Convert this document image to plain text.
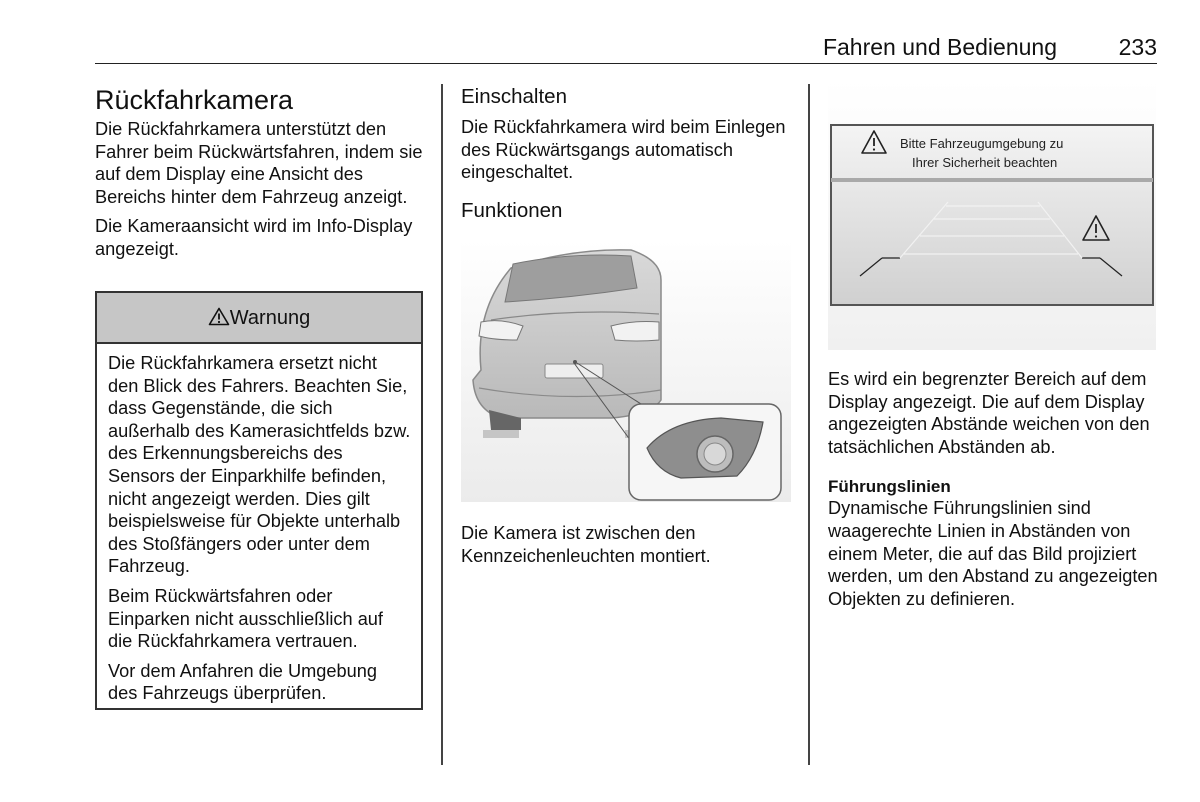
Fahren und Bedienung	233
Rückfahrkamera

Die Rückfahrkamera unterstützt den Fahrer beim Rückwärtsfahren, indem sie auf dem Display eine Ansicht des Bereichs hinter dem Fahrzeug anzeigt.

Die Kameraansicht wird im Info-Display angezeigt.

Warnung

Die Rückfahrkamera ersetzt nicht den Blick des Fahrers. Beachten Sie, dass Gegenstände, die sich außerhalb des Kamerasichtfelds bzw. des Erkennungsbereichs des Sensors der Einparkhilfe befinden, nicht angezeigt werden. Dies gilt beispielsweise für Objekte unterhalb des Stoßfängers oder unter dem Fahrzeug.

Beim Rückwärtsfahren oder Einparken nicht ausschließlich auf die Rückfahrkamera vertrauen.

Vor dem Anfahren die Umgebung des Fahrzeugs überprüfen.

Einschalten

Die Rückfahrkamera wird beim Einlegen des Rückwärtsgangs automatisch eingeschaltet.

Funktionen

Die Kamera ist zwischen den Kennzeichenleuchten montiert.

Bitte Fahrzeugumgebung zu
Ihrer Sicherheit beachten

Es wird ein begrenzter Bereich auf dem Display angezeigt. Die auf dem Display angezeigten Abstände weichen von den tatsächlichen Abständen ab.

Führungslinien

Dynamische Führungslinien sind waagerechte Linien in Abständen von einem Meter, die auf das Bild projiziert werden, um den Abstand zu angezeigten Objekten zu definieren.
